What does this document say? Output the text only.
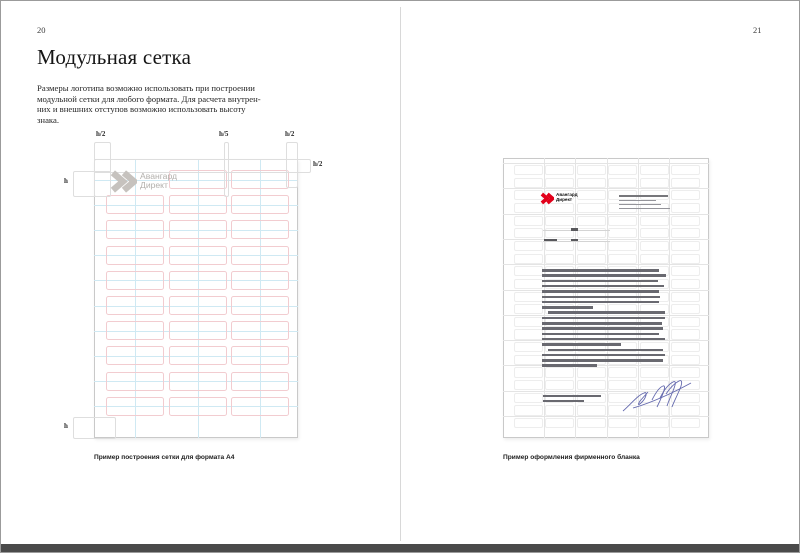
20
Модульная сетка
Размеры логотипа возможно использовать при построении
модульной сетки для любого формата. Для расчета внутрен-
них и внешних отступов возможно использовать высоту
знака.
h/2	h/5	h/2
h/2
h
h
Авангард
Директ
Пример построения сетки для формата А4
21
Авангард
Директ
Пример оформления фирменного бланка
